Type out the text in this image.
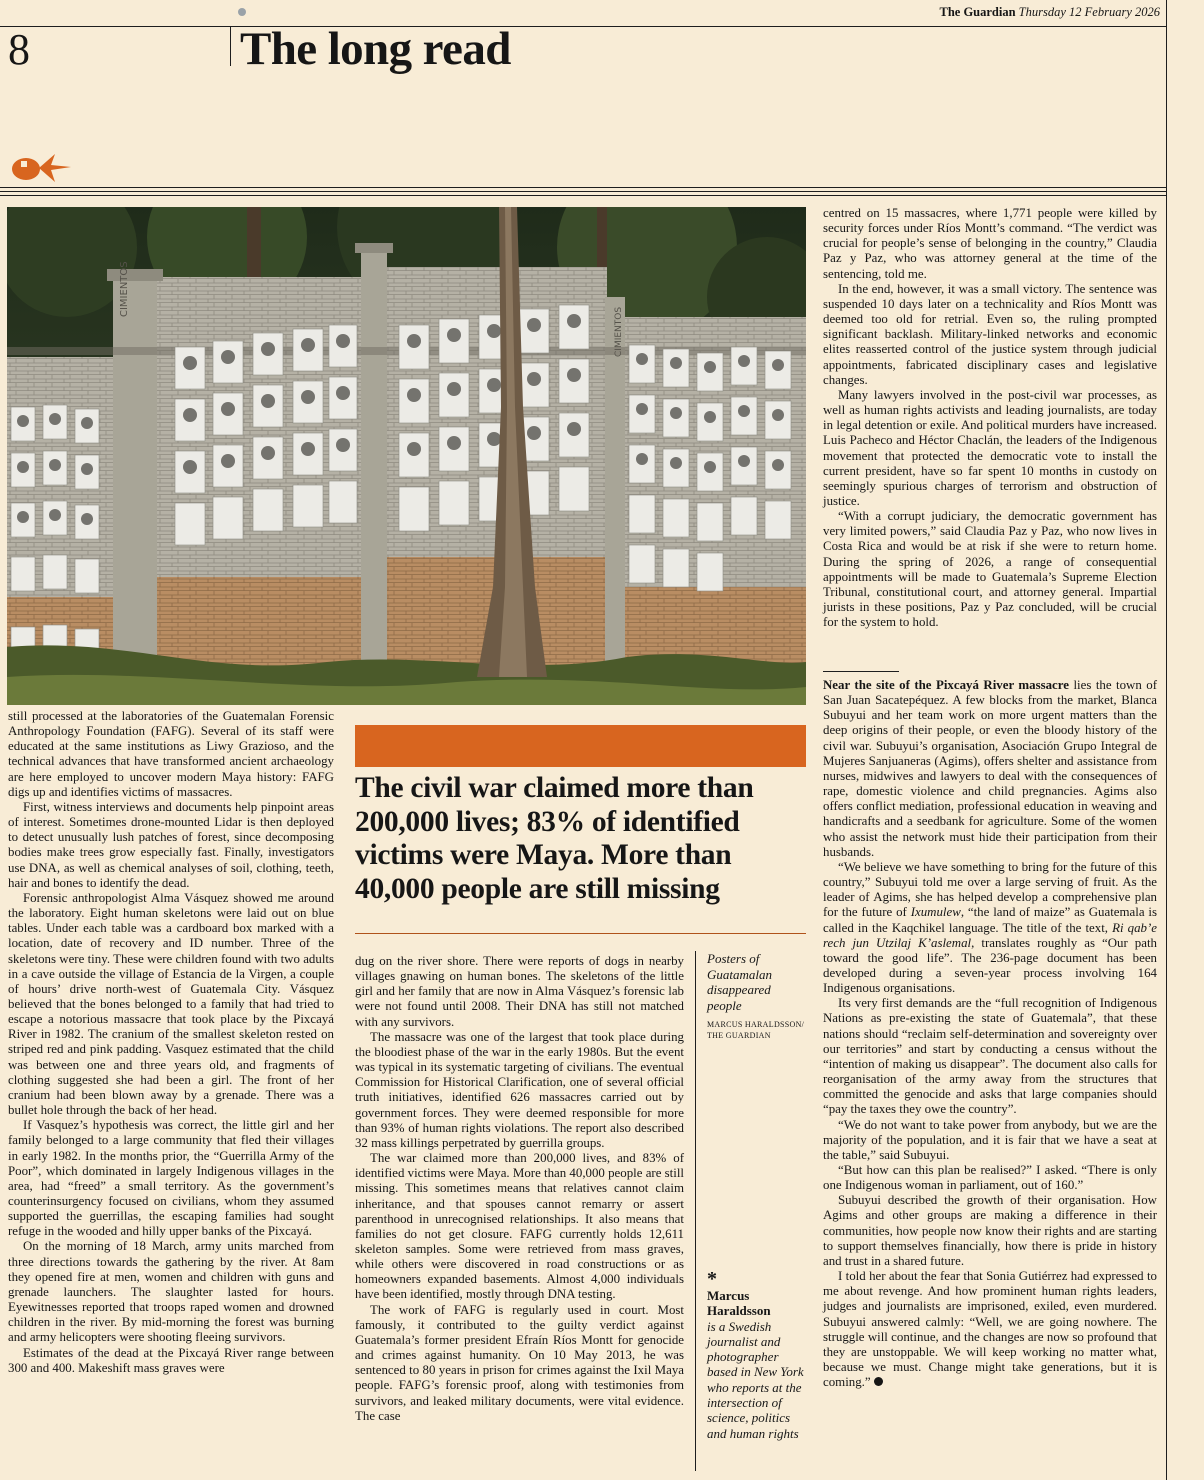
The Guardian Thursday 12 February 2026
8	The long read
CIMIENTOS
CIMIENTOS

still processed at the laboratories of the Guatemalan Forensic Anthropology Foundation (FAFG). Several of its staff were educated at the same institutions as Liwy Grazioso, and the technical advances that have transformed ancient archaeology are here employed to uncover modern Maya history: FAFG digs up and identifies victims of massacres.

First, witness interviews and documents help pinpoint areas of interest. Sometimes drone-mounted Lidar is then deployed to detect unusually lush patches of forest, since decomposing bodies make trees grow especially fast. Finally, investigators use DNA, as well as chemical analyses of soil, clothing, teeth, hair and bones to identify the dead.

Forensic anthropologist Alma Vásquez showed me around the laboratory. Eight human skeletons were laid out on blue tables. Under each table was a cardboard box marked with a location, date of recovery and ID number. Three of the skeletons were tiny. These were children found with two adults in a cave outside the village of Estancia de la Virgen, a couple of hours’ drive north-west of Guatemala City. Vásquez believed that the bones belonged to a family that had tried to escape a notorious massacre that took place by the Pixcayá River in 1982. The cranium of the smallest skeleton rested on striped red and pink padding. Vasquez estimated that the child was between one and three years old, and fragments of clothing suggested she had been a girl. The front of her cranium had been blown away by a grenade. There was a bullet hole through the back of her head.

If Vasquez’s hypothesis was correct, the little girl and her family belonged to a large community that fled their villages in early 1982. In the months prior, the “Guerrilla Army of the Poor”, which dominated in largely Indigenous villages in the area, had “freed” a small territory. As the government’s counterinsurgency focused on civilians, whom they assumed supported the guerrillas, the escaping families had sought refuge in the wooded and hilly upper banks of the Pixcayá.

On the morning of 18 March, army units marched from three directions towards the gathering by the river. At 8am they opened fire at men, women and children with guns and grenade launchers. The slaughter lasted for hours. Eyewitnesses reported that troops raped women and drowned children in the river. By mid-morning the forest was burning and army helicopters were shooting fleeing survivors.

Estimates of the dead at the Pixcayá River range between 300 and 400. Makeshift mass graves were

The civil war claimed more than 200,000 lives; 83% of identified victims were Maya. More than 40,000 people are still missing

dug on the river shore. There were reports of dogs in nearby villages gnawing on human bones. The skeletons of the little girl and her family that are now in Alma Vásquez’s forensic lab were not found until 2008. Their DNA has still not matched with any survivors.

The massacre was one of the largest that took place during the bloodiest phase of the war in the early 1980s. But the event was typical in its systematic targeting of civilians. The eventual Commission for Historical Clarification, one of several official truth initiatives, identified 626 massacres carried out by government forces. They were deemed responsible for more than 93% of human rights violations. The report also described 32 mass killings perpetrated by guerrilla groups.

The war claimed more than 200,000 lives, and 83% of identified victims were Maya. More than 40,000 people are still missing. This sometimes means that relatives cannot claim inheritance, and that spouses cannot remarry or assert parenthood in unrecognised relationships. It also means that families do not get closure. FAFG currently holds 12,611 skeleton samples. Some were retrieved from mass graves, while others were discovered in road constructions or as homeowners expanded basements. Almost 4,000 individuals have been identified, mostly through DNA testing.

The work of FAFG is regularly used in court. Most famously, it contributed to the guilty verdict against Guatemala’s former president Efraín Ríos Montt for genocide and crimes against humanity. On 10 May 2013, he was sentenced to 80 years in prison for crimes against the Ixil Maya people. FAFG’s forensic proof, along with testimonies from survivors, and leaked military documents, were vital evidence. The case

Posters of Guatamalan disappeared people
MARCUS HARALDSSON/ THE GUARDIAN
*
Marcus Haraldsson
is a Swedish journalist and photographer based in New York who reports at the intersection of science, politics and human rights

centred on 15 massacres, where 1,771 people were killed by security forces under Ríos Montt’s command. “The verdict was crucial for people’s sense of belonging in the country,” Claudia Paz y Paz, who was attorney general at the time of the sentencing, told me.

In the end, however, it was a small victory. The sentence was suspended 10 days later on a technicality and Ríos Montt was deemed too old for retrial. Even so, the ruling prompted significant backlash. Military-linked networks and economic elites reasserted control of the justice system through judicial appointments, fabricated disciplinary cases and legislative changes.

Many lawyers involved in the post-civil war processes, as well as human rights activists and leading journalists, are today in legal detention or exile. And political murders have increased. Luis Pacheco and Héctor Chaclán, the leaders of the Indigenous movement that protected the democratic vote to install the current president, have so far spent 10 months in custody on seemingly spurious charges of terrorism and obstruction of justice.

“With a corrupt judiciary, the democratic government has very limited powers,” said Claudia Paz y Paz, who now lives in Costa Rica and would be at risk if she were to return home. During the spring of 2026, a range of consequential appointments will be made to Guatemala’s Supreme Election Tribunal, constitutional court, and attorney general. Impartial jurists in these positions, Paz y Paz concluded, will be crucial for the system to hold.

Near the site of the Pixcayá River massacre lies the town of San Juan Sacatepéquez. A few blocks from the market, Blanca Subuyui and her team work on more urgent matters than the deep origins of their people, or even the bloody history of the civil war. Subuyui’s organisation, Asociación Grupo Integral de Mujeres Sanjuaneras (Agims), offers shelter and assistance from nurses, midwives and lawyers to deal with the consequences of rape, domestic violence and child pregnancies. Agims also offers conflict mediation, professional education in weaving and handicrafts and a seedbank for agriculture. Some of the women who assist the network must hide their participation from their husbands.

“We believe we have something to bring for the future of this country,” Subuyui told me over a large serving of fruit. As the leader of Agims, she has helped develop a comprehensive plan for the future of Ixumulew, “the land of maize” as Guatemala is called in the Kaqchikel language. The title of the text, Ri qab’e rech jun Utzilaj K’aslemal, translates roughly as “Our path toward the good life”. The 236-page document has been developed during a seven-year process involving 164 Indigenous organisations.

Its very first demands are the “full recognition of Indigenous Nations as pre-existing the state of Guatemala”, that these nations should “reclaim self-determination and sovereignty over our territories” and start by conducting a census without the “intention of making us disappear”. The document also calls for reorganisation of the army away from the structures that committed the genocide and asks that large companies should “pay the taxes they owe the country”.

“We do not want to take power from anybody, but we are the majority of the population, and it is fair that we have a seat at the table,” said Subuyui.

“But how can this plan be realised?” I asked. “There is only one Indigenous woman in parliament, out of 160.”

Subuyui described the growth of their organisation. How Agims and other groups are making a difference in their communities, how people now know their rights and are starting to support themselves financially, how there is pride in history and trust in a shared future.

I told her about the fear that Sonia Gutiérrez had expressed to me about revenge. And how prominent human rights leaders, judges and journalists are imprisoned, exiled, even murdered. Subuyui answered calmly: “Well, we are going nowhere. The struggle will continue, and the changes are now so profound that they are unstoppable. We will keep working no matter what, because we must. Change might take generations, but it is coming.”
